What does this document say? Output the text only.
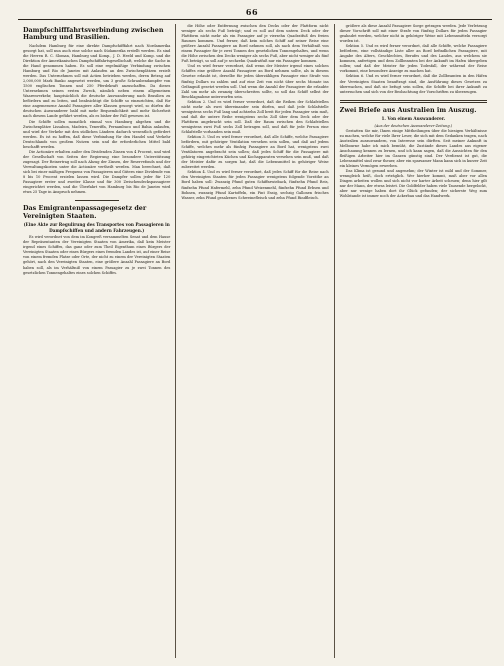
66
Dampfschifffahrtsverbindung zwischen Hamburg und Brasilien.

Nachdem Hamburg für eine direkte Dampfschifffahrt nach Nordamerika gesorgt hat, soll nun auch eine solche nach Südamerika erstellt werden. Es sind die Herren R. C. Sloman, Hamburg und Komp., J. D. Heeld und Komp. und die Direktion der Amerikanischen Dampfschiffahrtsgesellschaft, welche die Sache in die Hand genommen haben. Es soll eine regelmäßige Verbindung zwischen Hamburg und Rio de Janeiro mit Anlaufen an den Zwischenplätzen erzielt werden. Das Unternehmen soll mit Actien betrieben werden, deren Betrag auf 2,000,000 Mark Banko angesetzt werden, um 3 große Schraubendampfer von 1500 englischen Tonnen und 250 Pferdekraft anzuschaffen. Da dieses Unternehmen seinen ersten Zweck, nämlich neben einem allgemeinen Waarenverkehr, hauptsächlich die deutsche Auswanderung nach Brasilien zu befördern und zu leiten, und beabsichtigt die Schiffe so einzurichten, daß für eine angemessene Anzahl Passagiere aller Klassen gesorgt wird, so dürfen die deutschen Auswanderer bald mit mehr Bequemlichkeit und mehr Sicherheit nach diesem Lande geführt werden, als es bisher der Fall gewesen ist.

Die Schiffe sollen monatlich einmal von Hamburg abgehen und die Zwischenplätze Lissabon, Madeira, Teneriffa, Pernambuco und Bahia anlaufen, und wird der Verkehr mit den südlichen Ländern dadurch wesentlich gefördert werden. Es ist zu hoffen, daß diese Verbindung für den Handel und Verkehr Deutschlands von großem Nutzen sein und die erforderlichen Mittel bald beschafft werden.

Die Actionäre erhalten außer den Dividenden Zinsen von 4 Procent, und wird der Gesellschaft von Seiten der Regierung eine besondere Unterstützung zugesagt. Der Reinertrag soll nach Abzug der Zinsen, der Reservefonds und der Verwaltungskosten unter die Actionäre vertheilt werden. Man berechnet, daß sich bei einer mäßigen Frequenz von Passagieren und Gütern eine Dividende von 8 bis 10 Procent erzielen lassen wird. Die Dampfer sollen jeder für 120 Passagiere erster und zweiter Klasse und für 300 Zwischendeckspassagiere eingerichtet werden, und die Überfahrt von Hamburg bis Rio de Janeiro wird etwa 25 Tage in Anspruch nehmen.

Das Emigrantenpassagegesetz der Vereinigten Staaten.
(Eine Akte zur Regulirung des Transportes von Passagieren in Dampfschiffen und andern Fahrzeugen.)

Es wird verordnet von dem im Kongreß versammelten Senat und dem Hause der Repräsentanten der Vereinigten Staaten von Amerika, daß kein Meister irgend eines Schiffes, das ganz oder zum Theil Eigenthum eines Bürgers der Vereinigten Staaten oder eines Bürgers eines fremden Landes ist, auf einer Reise von einem fremden Platze oder Orte, der nicht zu einem der Vereinigten Staaten gehört, nach den Vereinigten Staaten, eine größere Anzahl Passagiere an Bord haben soll, als im Verhältniß von einem Passagier zu je zwei Tonnen des gesetzlichen Tonnengehaltes eines solchen Schiffes.

die Höhe oder Entfernung zwischen den Decks oder der Plattform nicht weniger als sechs Fuß beträgt; und es soll auf dem untern Deck oder der Plattform nicht mehr als ein Passagier auf je vierzehn Quadratfuß des freien Raumes kommen. Und ferner, daß kein solches Schiff auf seiner Reise eine größere Anzahl Passagiere an Bord nehmen soll, als nach dem Verhältniß von einem Passagier für je zwei Tonnen des gesetzlichen Tonnengehaltes, und wenn die Höhe zwischen den Decks weniger als sechs Fuß, aber nicht weniger als fünf Fuß beträgt, so soll auf je sechzehn Quadratfuß nur ein Passagier kommen.

Und es wird ferner verordnet, daß wenn der Meister irgend eines solchen Schiffes eine größere Anzahl Passagiere an Bord nehmen sollte, als in diesem Gesetze erlaubt ist, derselbe für jeden überzähligen Passagier eine Strafe von fünfzig Dollars zu zahlen und auf eine Zeit von nicht über sechs Monate ins Gefängniß gesetzt werden soll. Und wenn die Anzahl der Passagiere die erlaubte Zahl um mehr als zwanzig überschreiten sollte, so soll das Schiff selbst der Beschlagnahme unterworfen sein.

Sektion 2. Und es wird ferner verordnet, daß die Reihen der Schlafstellen nicht mehr als zwei übereinander sein dürfen, und daß jede Schlafstelle wenigstens sechs Fuß lang und achtzehn Zoll breit für jeden Passagier sein muß, und daß die untere Reihe wenigstens sechs Zoll über dem Deck oder der Plattform angebracht sein soll. Daß der Raum zwischen den Schlafstellen wenigstens zwei Fuß sechs Zoll betragen soll, und daß für jede Person eine Schlafstelle vorhanden sein muß.

Sektion 3. Und es wird ferner verordnet, daß alle Schiffe, welche Passagiere befördern, mit gehöriger Ventilation versehen sein sollen, und daß auf jedem Schiffe, welches mehr als fünfzig Passagiere an Bord hat, wenigstens zwei Ventilatoren angebracht sein sollen; daß jedes Schiff für die Passagiere mit gehörig eingerichteten Küchen und Kochapparaten versehen sein muß, und daß der Meister dafür zu sorgen hat, daß die Lebensmittel in gehöriger Weise zubereitet werden.

Sektion 4. Und es wird ferner verordnet, daß jedes Schiff für die Reise nach den Vereinigten Staaten für jeden Passagier wenigstens folgende Vorräthe an Bord haben soll: Zwanzig Pfund guten Schiffszwieback, fünfzehn Pfund Reis, fünfzehn Pfund Hafermehl, zehn Pfund Weizenmehl, fünfzehn Pfund Erbsen und Bohnen, zwanzig Pfund Kartoffeln, ein Pint Essig, sechzig Gallonen frisches Wasser, zehn Pfund gesalzenes Schweinefleisch und zehn Pfund Rindfleisch.

größere als diese Anzahl Passagiere Sorge getragen werden. Jede Verletzung dieser Vorschrift soll mit einer Strafe von fünfzig Dollars für jeden Passagier geahndet werden, welcher nicht in gehöriger Weise mit Lebensmitteln versorgt worden ist.

Sektion 5. Und es wird ferner verordnet, daß alle Schiffe, welche Passagiere befördern, eine vollständige Liste aller an Bord befindlichen Passagiere, mit Angabe des Alters, Geschlechtes, Berufes und des Landes, aus welchem sie kommen, anfertigen und dem Zollbeamten bei der Ankunft im Hafen übergeben sollen; und daß der Meister für jeden Todesfall, der während der Reise vorkommt, eine besondere Anzeige zu machen hat.

Sektion 6. Und es wird ferner verordnet, daß die Zollbeamten in den Häfen der Vereinigten Staaten beauftragt sind, die Ausführung dieses Gesetzes zu überwachen, und daß sie befugt sein sollen, die Schiffe bei ihrer Ankunft zu untersuchen und sich von der Beobachtung der Vorschriften zu überzeugen.

Zwei Briefe aus Australien im Auszug.
1. Von einem Auswanderer.

(Aus der deutschen Auswanderer-Zeitung.)

Gestatten Sie mir, Ihnen einige Mittheilungen über die hiesigen Verhältnisse zu machen, welche für viele Ihrer Leser, die sich mit dem Gedanken tragen, nach Australien auszuwandern, von Interesse sein dürften. Seit meiner Ankunft in Melbourne habe ich mich bemüht, die Zustände dieses Landes aus eigener Anschauung kennen zu lernen, und ich kann sagen, daß die Aussichten für den fleißigen Arbeiter hier im Ganzen günstig sind. Der Verdienst ist gut, die Lebensmittel sind zwar theuer, aber ein sparsamer Mann kann sich in kurzer Zeit ein kleines Vermögen erwerben.

Das Klima ist gesund und angenehm; der Winter ist mild und der Sommer, wenngleich heiß, doch erträglich. Wer hierher kommt, muß aber vor allen Dingen arbeiten wollen und sich nicht vor harter Arbeit scheuen; denn hier gilt nur der Mann, der etwas leistet. Die Goldfelder haben viele Tausende hergelockt, aber nur wenige haben dort ihr Glück gefunden; der sicherste Weg zum Wohlstande ist immer noch der Ackerbau und das Handwerk.
